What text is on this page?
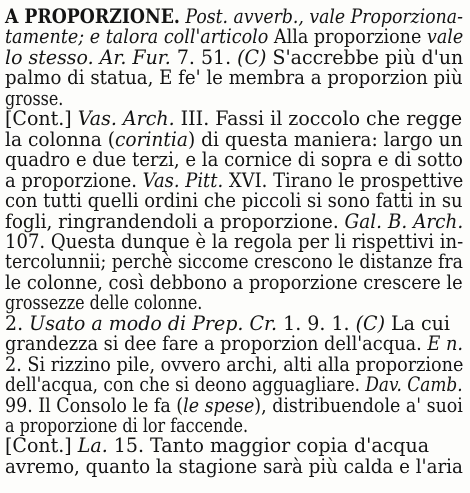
A PROPORZIONE. Post. avverb., vale Proporziona-
tamente; e talora coll'articolo Alla proporzione vale
lo stesso. Ar. Fur. 7. 51. (C) S'accrebbe più d'un
palmo di statua, E fe' le membra a proporzion più
grosse.
[Cont.] Vas. Arch. III. Fassi il zoccolo che regge
la colonna (corintia) di questa maniera: largo un
quadro e due terzi, e la cornice di sopra e di sotto
a proporzione. Vas. Pitt. XVI. Tirano le prospettive
con tutti quelli ordini che piccoli si sono fatti in su
fogli, ringrandendoli a proporzione. Gal. B. Arch.
107. Questa dunque è la regola per li rispettivi in-
tercolunnii; perchè siccome crescono le distanze fra
le colonne, così debbono a proporzione crescere le
grossezze delle colonne.
2. Usato a modo di Prep. Cr. 1. 9. 1. (C) La cui
grandezza si dee fare a proporzion dell'acqua. E n.
2. Si rizzino pile, ovvero archi, alti alla proporzione
dell'acqua, con che si deono agguagliare. Dav. Camb.
99. Il Consolo le fa (le spese), distribuendole a' suoi
a proporzione di lor faccende.
[Cont.] La. 15. Tanto maggior copia d'acqua
avremo, quanto la stagione sarà più calda e l'aria
